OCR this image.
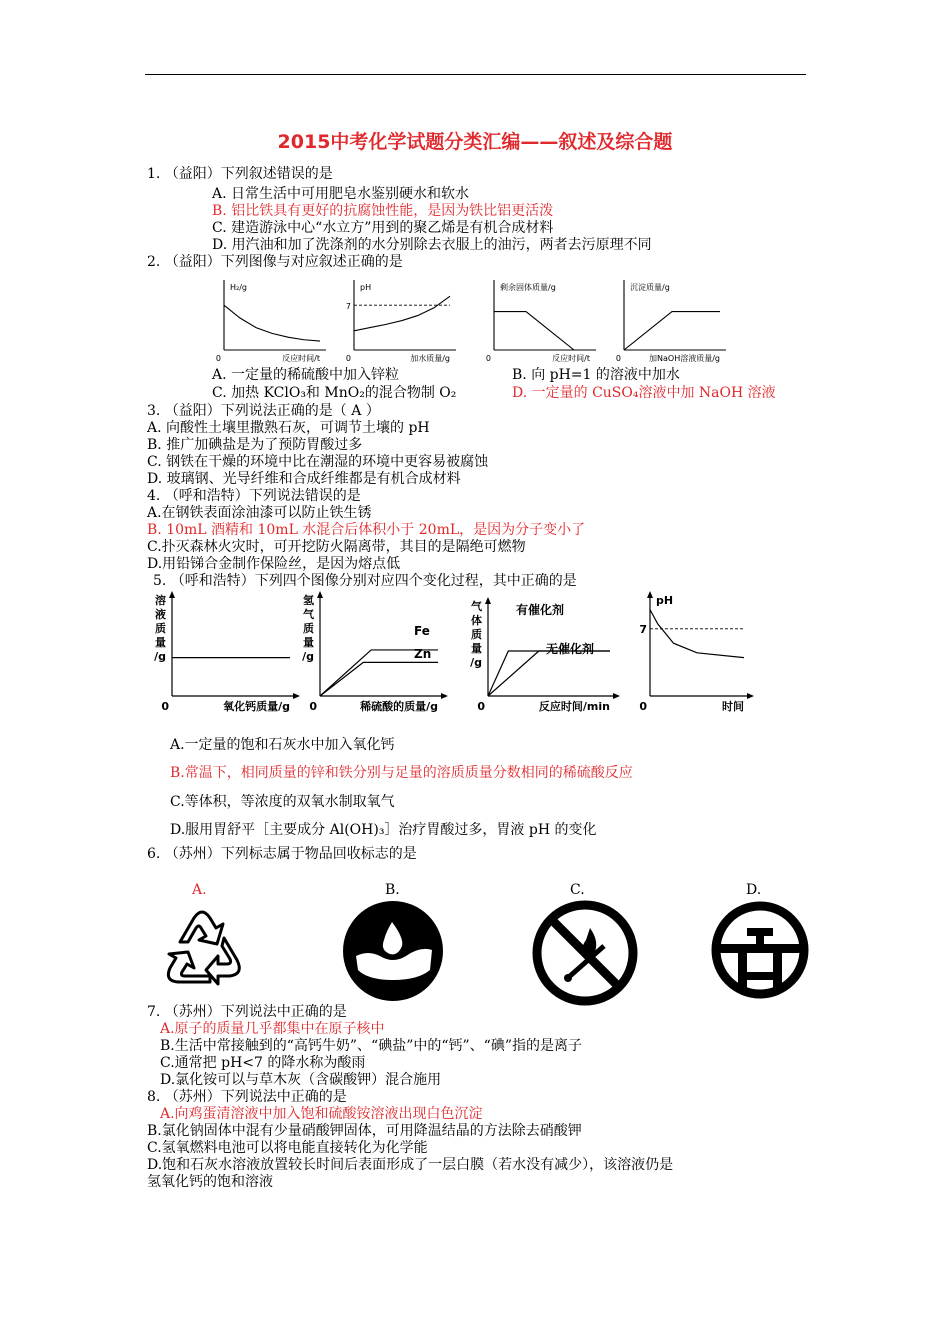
2015中考化学试题分类汇编——叙述及综合题
1. （益阳）下列叙述错误的是
A. 日常生活中可用肥皂水鉴别硬水和软水
B. 铝比铁具有更好的抗腐蚀性能，是因为铁比铝更活泼
C. 建造游泳中心“水立方”用到的聚乙烯是有机合成材料
D. 用汽油和加了洗涤剂的水分别除去衣服上的油污，两者去污原理不同
2. （益阳）下列图像与对应叙述正确的是
0	反应时间/t
H₂/g
0	加水质量/g
pH
7
0	反应时间/t
剩余固体质量/g
0	加NaOH溶液质量/g
沉淀质量/g
A. 一定量的稀硫酸中加入锌粒	B. 向 pH=1 的溶液中加水
C. 加热 KClO₃和 MnO₂的混合物制 O₂	D. 一定量的 CuSO₄溶液中加 NaOH 溶液
3. （益阳）下列说法正确的是（ A ）
A. 向酸性土壤里撒熟石灰，可调节土壤的 pH
B. 推广加碘盐是为了预防胃酸过多
C. 钢铁在干燥的环境中比在潮湿的环境中更容易被腐蚀
D. 玻璃钢、光导纤维和合成纤维都是有机合成材料
4. （呼和浩特）下列说法错误的是
A.在钢铁表面涂油漆可以防止铁生锈
B. 10mL 酒精和 10mL 水混合后体积小于 20mL，是因为分子变小了
C.扑灭森林火灾时，可开挖防火隔离带，其目的是隔绝可燃物
D.用铅锑合金制作保险丝，是因为熔点低
5. （呼和浩特）下列四个图像分别对应四个变化过程，其中正确的是
0	氧化钙质量/g
溶
液
质
量
/g
0	稀硫酸的质量/g
氢
气
质
量
/g
Fe
Zn
0	反应时间/min
气
体
质
量
/g
有催化剂
无催化剂
0	时间
pH
7
A.一定量的饱和石灰水中加入氧化钙
B.常温下，相同质量的锌和铁分别与足量的溶质质量分数相同的稀硫酸反应
C.等体积，等浓度的双氧水制取氧气
D.服用胃舒平［主要成分 Al(OH)₃］治疗胃酸过多，胃液 pH 的变化
6. （苏州）下列标志属于物品回收标志的是
A.	B.	C.	D.
7. （苏州）下列说法中正确的是
A.原子的质量几乎都集中在原子核中
B.生活中常接触到的“高钙牛奶”、“碘盐”中的“钙”、“碘”指的是离子
C.通常把 pH<7 的降水称为酸雨
D.氯化铵可以与草木灰（含碳酸钾）混合施用
8. （苏州）下列说法中正确的是
A.向鸡蛋清溶液中加入饱和硫酸铵溶液出现白色沉淀
B.氯化钠固体中混有少量硝酸钾固体，可用降温结晶的方法除去硝酸钾
C.氢氧燃料电池可以将电能直接转化为化学能
D.饱和石灰水溶液放置较长时间后表面形成了一层白膜（若水没有减少），该溶液仍是
氢氧化钙的饱和溶液
